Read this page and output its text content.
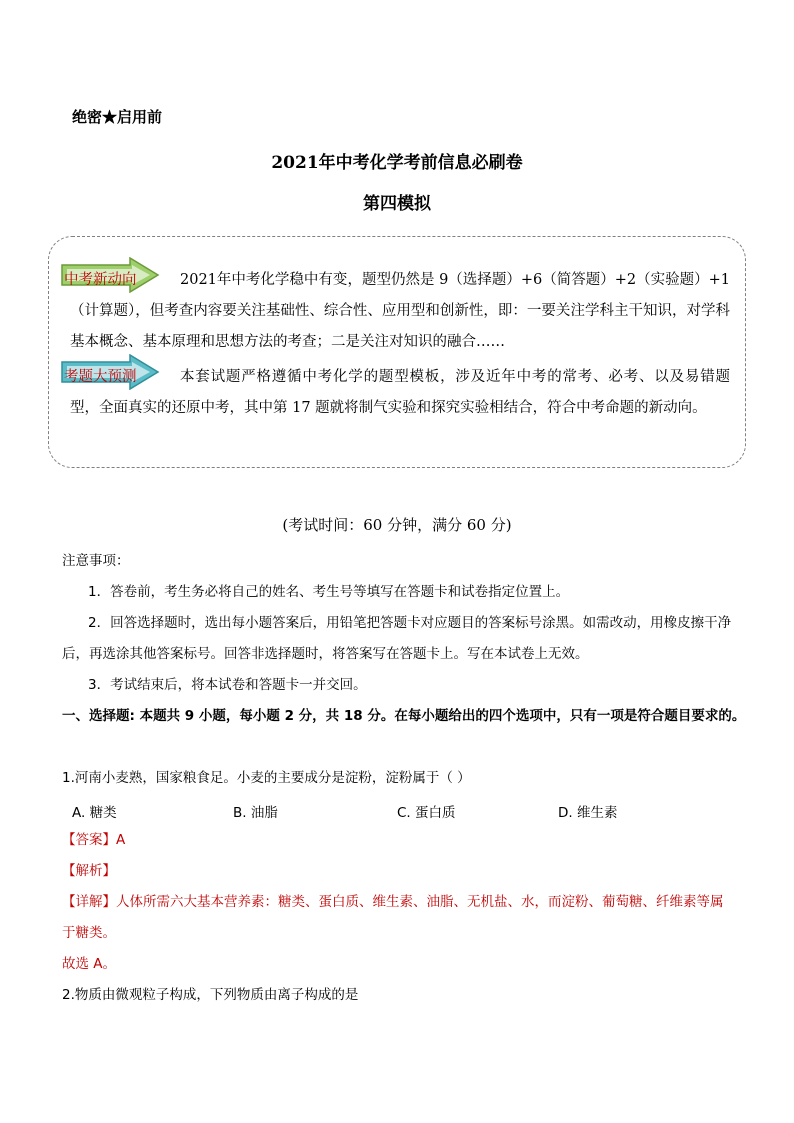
绝密★启用前
2021年中考化学考前信息必刷卷
第四模拟
中考新动向	2021年中考化学稳中有变，题型仍然是 9（选择题）+6（简答题）+2（实验题）+1（计算题），但考查内容要关注基础性、综合性、应用型和创新性，即：一要关注学科主干知识，对学科基本概念、基本原理和思想方法的考查；二是关注对知识的融合……
考题大预测	本套试题严格遵循中考化学的题型模板，涉及近年中考的常考、必考、以及易错题型，全面真实的还原中考，其中第 17 题就将制气实验和探究实验相结合，符合中考命题的新动向。
(考试时间：60 分钟，满分 60 分)
注意事项：
1．答卷前，考生务必将自己的姓名、考生号等填写在答题卡和试卷指定位置上。
2．回答选择题时，选出每小题答案后，用铅笔把答题卡对应题目的答案标号涂黑。如需改动，用橡皮擦干净后，再选涂其他答案标号。回答非选择题时，将答案写在答题卡上。写在本试卷上无效。
3．考试结束后，将本试卷和答题卡一并交回。
一、选择题: 本题共 9 小题，每小题 2 分，共 18 分。在每小题给出的四个选项中，只有一项是符合题目要求的。
1.河南小麦熟，国家粮食足。小麦的主要成分是淀粉，淀粉属于（ ）
A. 糖类	B. 油脂	C. 蛋白质	D. 维生素
【答案】A
【解析】
【详解】人体所需六大基本营养素：糖类、蛋白质、维生素、油脂、无机盐、水，而淀粉、葡萄糖、纤维素等属于糖类。
故选 A。
2.物质由微观粒子构成，下列物质由离子构成的是
